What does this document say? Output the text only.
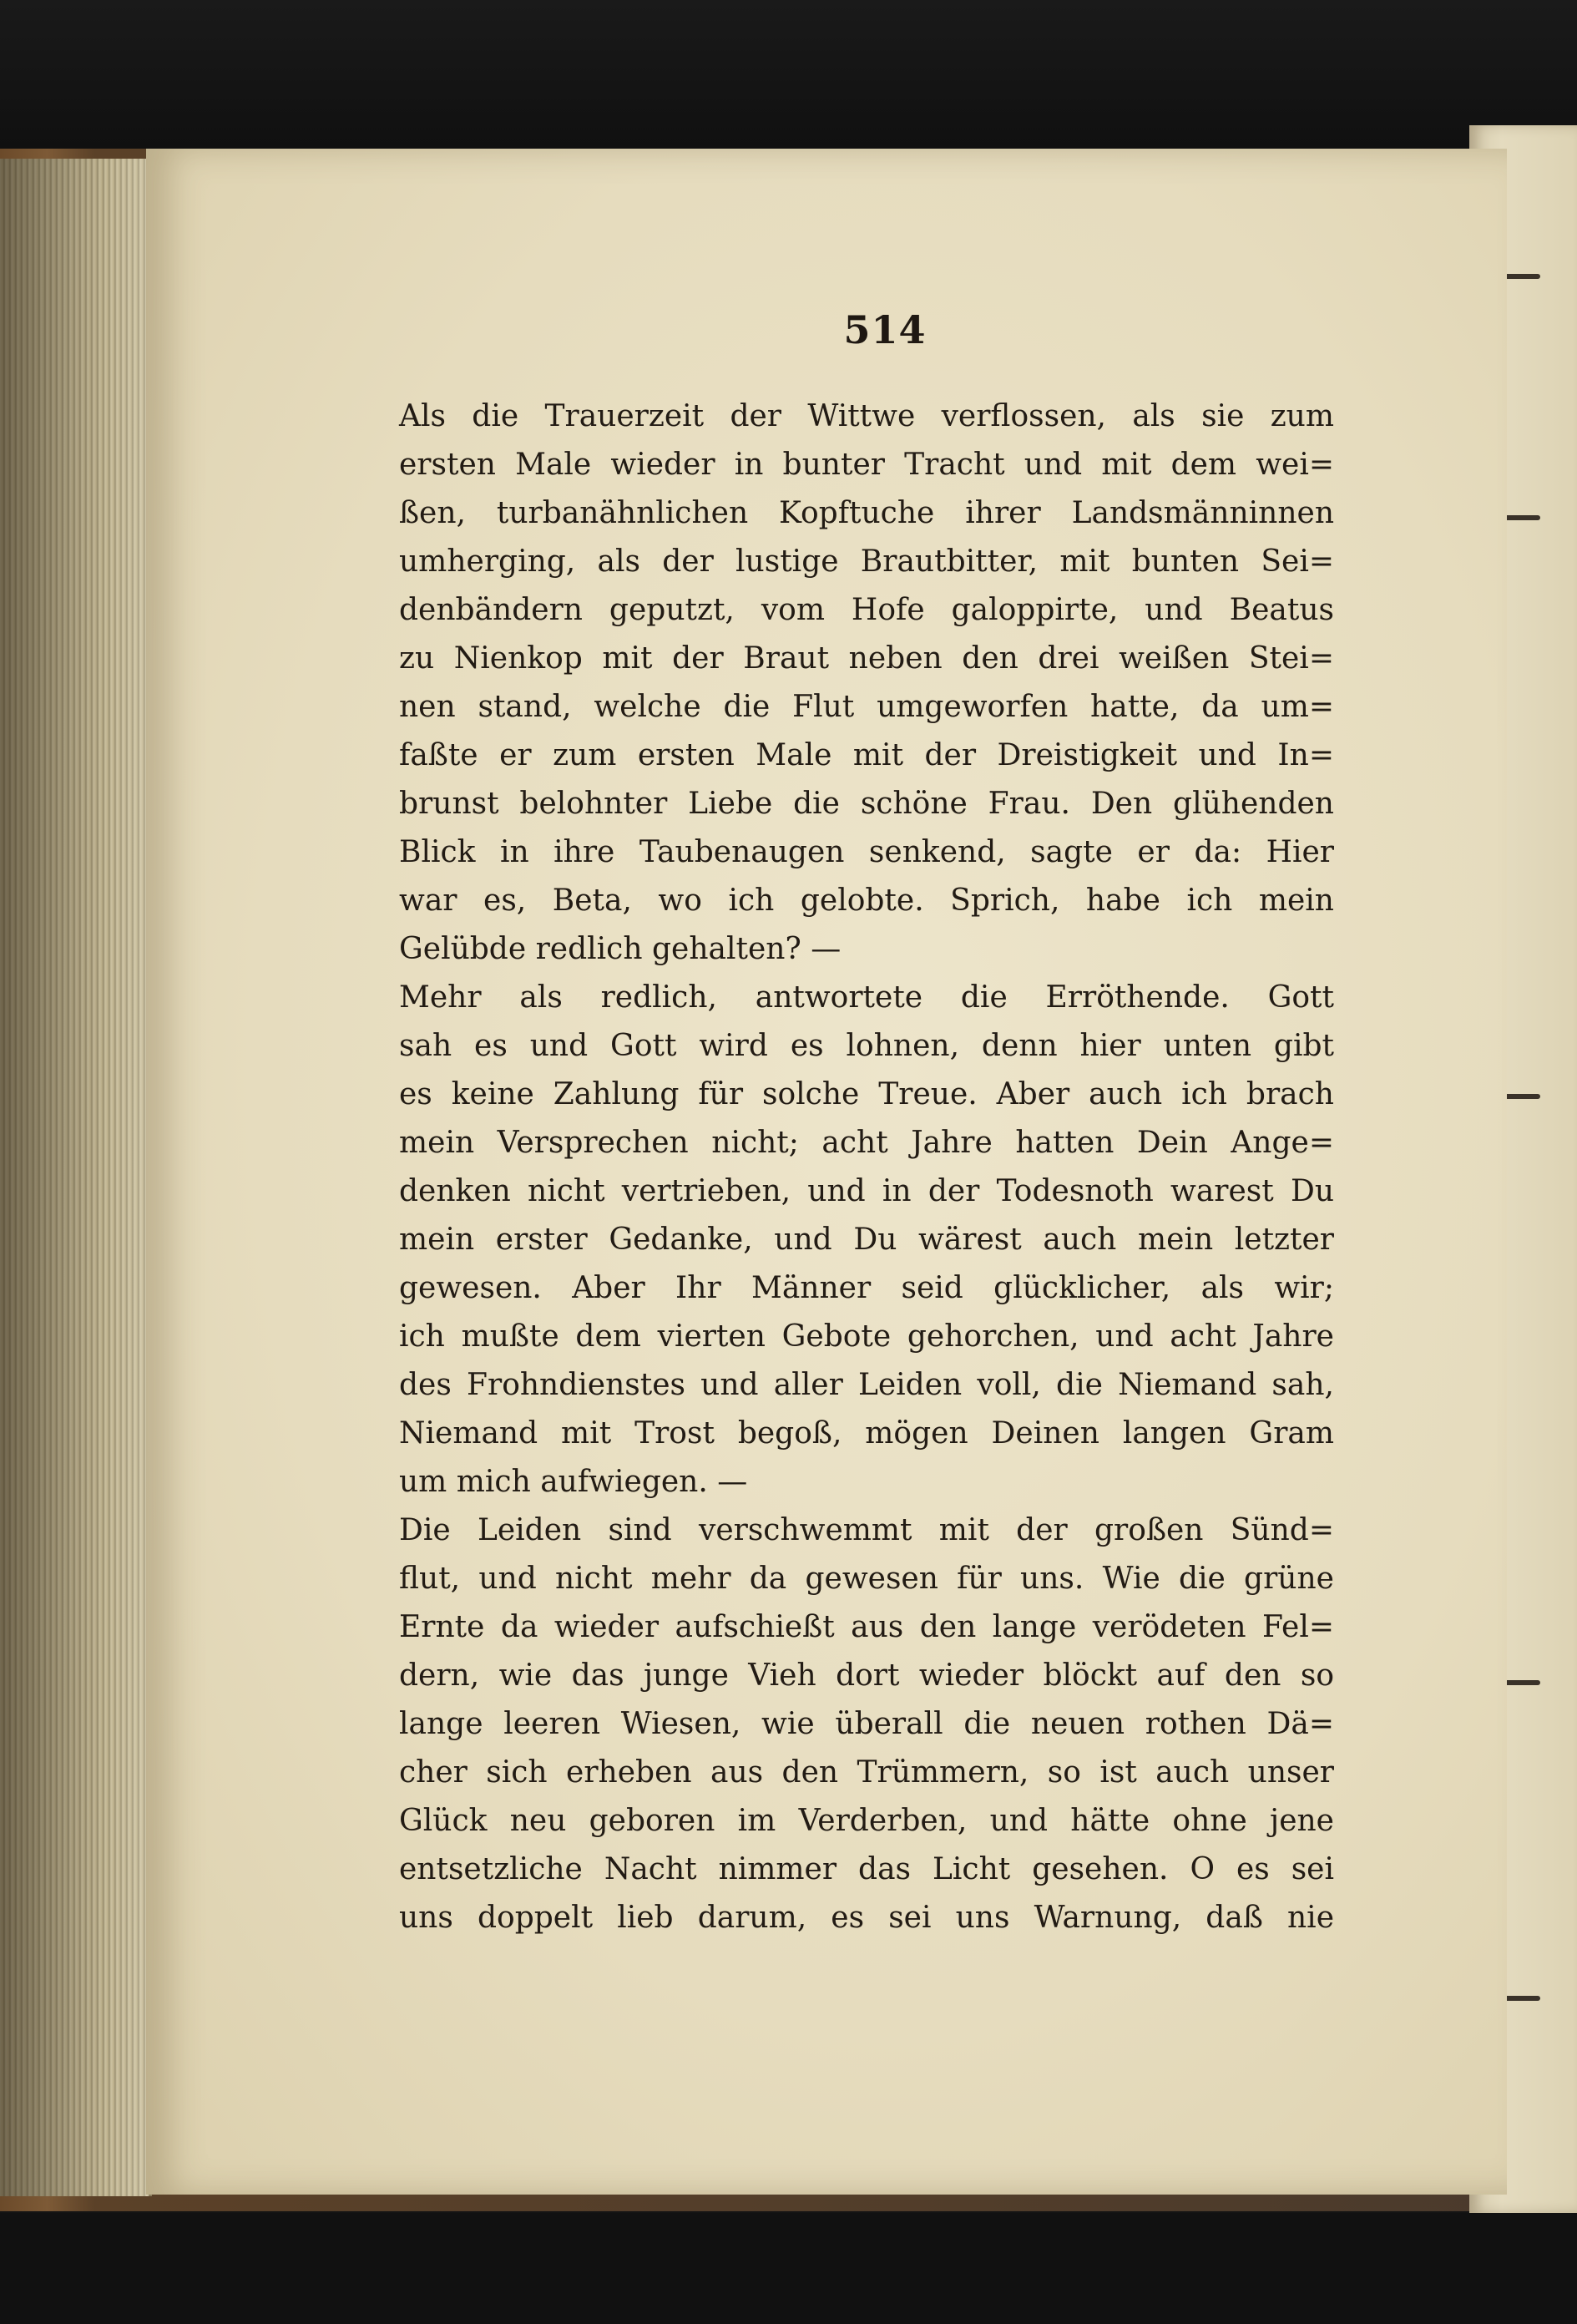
514
Als die Trauerzeit der Wittwe verflossen, als sie zum
ersten Male wieder in bunter Tracht und mit dem wei=
ßen, turbanähnlichen Kopftuche ihrer Landsmänninnen
umherging, als der lustige Brautbitter, mit bunten Sei=
denbändern geputzt, vom Hofe galoppirte, und Beatus
zu Nienkop mit der Braut neben den drei weißen Stei=
nen stand, welche die Flut umgeworfen hatte, da um=
faßte er zum ersten Male mit der Dreistigkeit und In=
brunst belohnter Liebe die schöne Frau. Den glühenden
Blick in ihre Taubenaugen senkend, sagte er da: Hier
war es, Beta, wo ich gelobte. Sprich, habe ich mein
Gelübde redlich gehalten? —
Mehr als redlich, antwortete die Erröthende. Gott
sah es und Gott wird es lohnen, denn hier unten gibt
es keine Zahlung für solche Treue. Aber auch ich brach
mein Versprechen nicht; acht Jahre hatten Dein Ange=
denken nicht vertrieben, und in der Todesnoth warest Du
mein erster Gedanke, und Du wärest auch mein letzter
gewesen. Aber Ihr Männer seid glücklicher, als wir;
ich mußte dem vierten Gebote gehorchen, und acht Jahre
des Frohndienstes und aller Leiden voll, die Niemand sah,
Niemand mit Trost begoß, mögen Deinen langen Gram
um mich aufwiegen. —
Die Leiden sind verschwemmt mit der großen Sünd=
flut, und nicht mehr da gewesen für uns. Wie die grüne
Ernte da wieder aufschießt aus den lange verödeten Fel=
dern, wie das junge Vieh dort wieder blöckt auf den so
lange leeren Wiesen, wie überall die neuen rothen Dä=
cher sich erheben aus den Trümmern, so ist auch unser
Glück neu geboren im Verderben, und hätte ohne jene
entsetzliche Nacht nimmer das Licht gesehen. O es sei
uns doppelt lieb darum, es sei uns Warnung, daß nie
